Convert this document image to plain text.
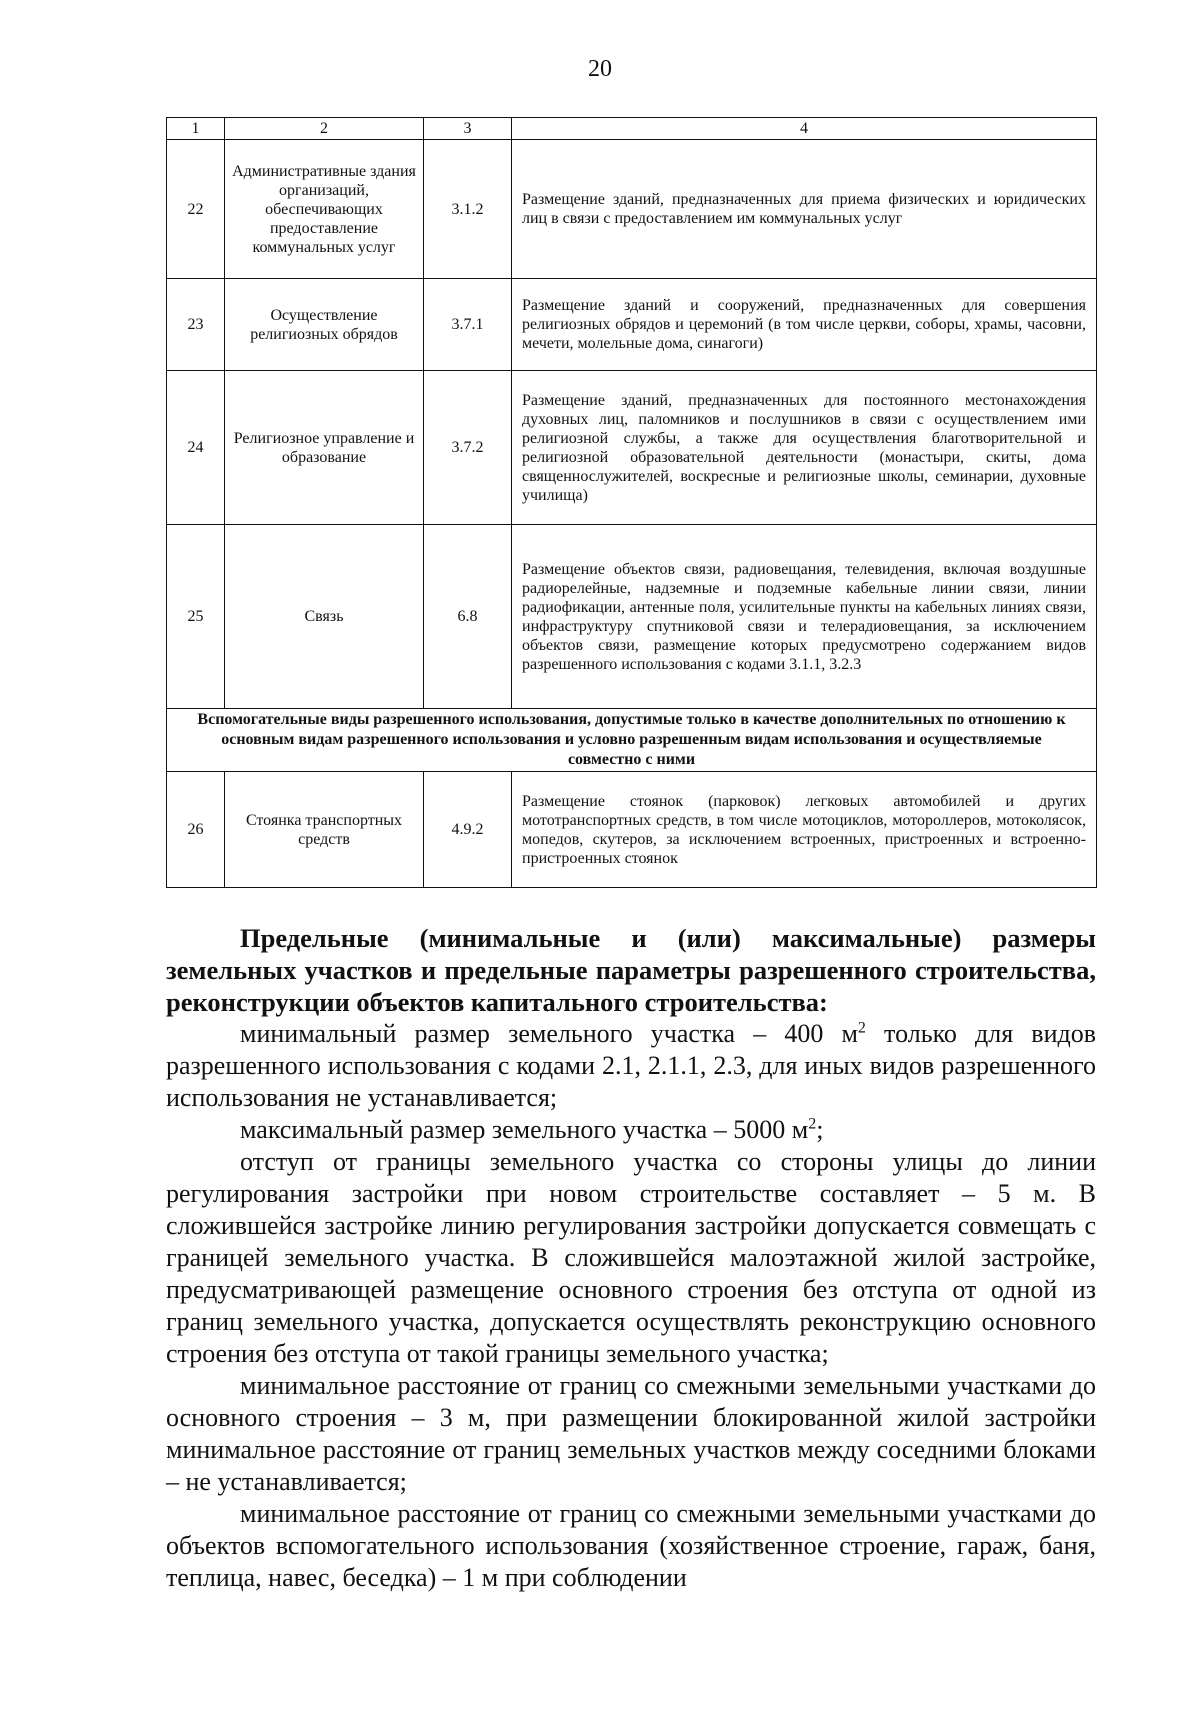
20
1	2	3	4
22	Административные здания организаций, обеспечивающих предоставление коммунальных услуг	3.1.2	Размещение зданий, предназначенных для приема физических и юридических лиц в связи с предоставлением им коммунальных услуг
23	Осуществление религиозных обрядов	3.7.1	Размещение зданий и сооружений, предназначенных для совершения религиозных обрядов и церемоний (в том числе церкви, соборы, храмы, часовни, мечети, молельные дома, синагоги)
24	Религиозное управление и образование	3.7.2	Размещение зданий, предназначенных для постоянного местонахождения духовных лиц, паломников и послушников в связи с осуществлением ими религиозной службы, а также для осуществления благотворительной и религиозной образовательной деятельности (монастыри, скиты, дома священнослужителей, воскресные и религиозные школы, семинарии, духовные училища)
25	Связь	6.8	Размещение объектов связи, радиовещания, телевидения, включая воздушные радиорелейные, надземные и подземные кабельные линии связи, линии радиофикации, антенные поля, усилительные пункты на кабельных линиях связи, инфраструктуру спутниковой связи и телерадиовещания, за исключением объектов связи, размещение которых предусмотрено содержанием видов разрешенного использования с кодами 3.1.1, 3.2.3
Вспомогательные виды разрешенного использования, допустимые только в качестве дополнительных по отношению к основным видам разрешенного использования и условно разрешенным видам использования и осуществляемые совместно с ними			
26	Стоянка транспортных средств	4.9.2	Размещение стоянок (парковок) легковых автомобилей и других мототранспортных средств, в том числе мотоциклов, мотороллеров, мотоколясок, мопедов, скутеров, за исключением встроенных, пристроенных и встроенно-пристроенных стоянок

Предельные (минимальные и (или) максимальные) размеры земельных участков и предельные параметры разрешенного строительства, реконструкции объектов капитального строительства:

минимальный размер земельного участка – 400 $м^2$ только для видов разрешенного использования с кодами 2.1, 2.1.1, 2.3, для иных видов разрешенного использования не устанавливается;

максимальный размер земельного участка – 5000 $м^2$;

отступ от границы земельного участка со стороны улицы до линии регулирования застройки при новом строительстве составляет – 5 м. В сложившейся застройке линию регулирования застройки допускается совмещать с границей земельного участка. В сложившейся малоэтажной жилой застройке, предусматривающей размещение основного строения без отступа от одной из границ земельного участка, допускается осуществлять реконструкцию основного строения без отступа от такой границы земельного участка;

минимальное расстояние от границ со смежными земельными участками до основного строения – 3 м, при размещении блокированной жилой застройки минимальное расстояние от границ земельных участков между соседними блоками – не устанавливается;

минимальное расстояние от границ со смежными земельными участками до объектов вспомогательного использования (хозяйственное строение, гараж, баня, теплица, навес, беседка) – 1 м при соблюдении
